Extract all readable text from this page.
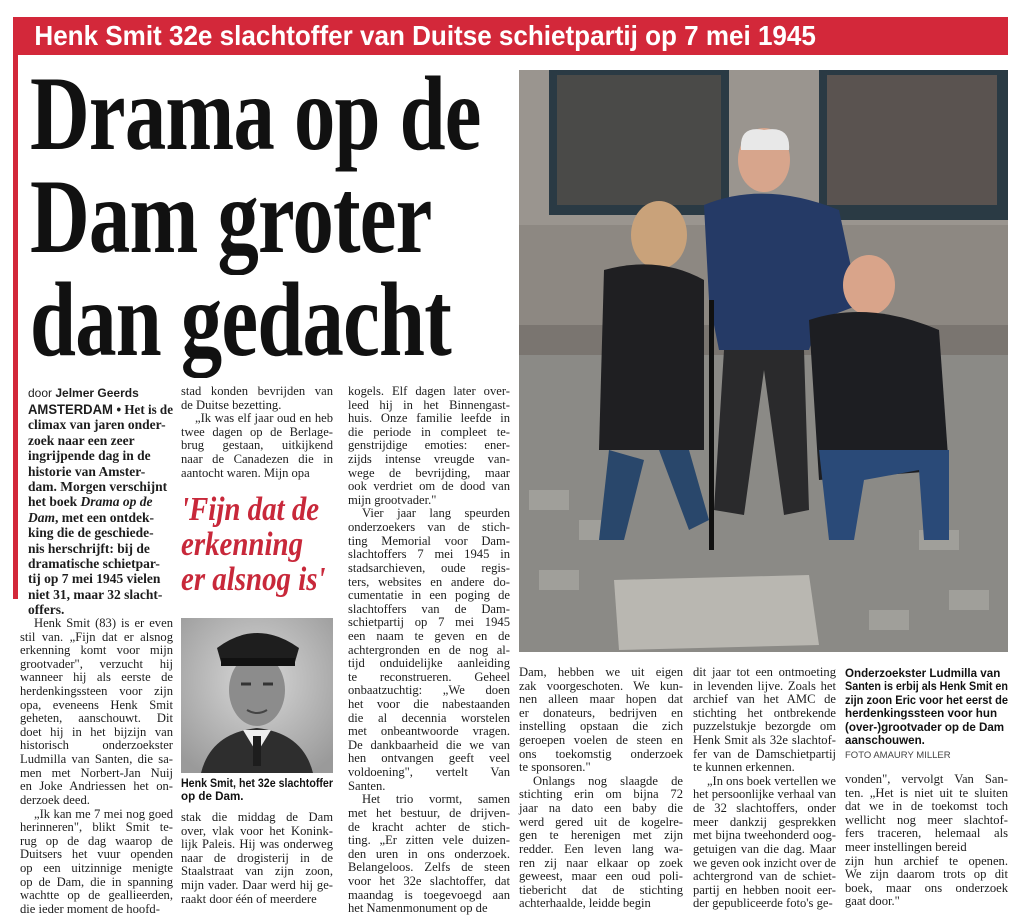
Henk Smit 32e slachtoffer van Duitse schietpartij op 7 mei 1945
Drama op de
Dam groter
dan gedacht
door Jelmer Geerds
AMSTERDAM • Het is de
climax van jaren onder-
zoek naar een zeer
ingrijpende dag in de
historie van Amster-
dam. Morgen verschijnt
het boek Drama op de
Dam, met een ontdek-
king die de geschiede-
nis herschrijft: bij de
dramatische schietpar-
tij op 7 mei 1945 vielen
niet 31, maar 32 slacht-
offers.
Henk Smit (83) is er even
stil van. „Fijn dat er alsnog
erkenning komt voor mijn
grootvader", verzucht hij
wanneer hij als eerste de
herdenkingssteen voor zijn
opa, eveneens Henk Smit
geheten, aanschouwt. Dit
doet hij in het bijzijn van
historisch onderzoekster
Ludmilla van Santen, die sa-
men met Norbert-Jan Nuij
en Joke Andriessen het on-
derzoek deed.
„Ik kan me 7 mei nog goed
herinneren", blikt Smit te-
rug op de dag waarop de
Duitsers het vuur openden
op een uitzinnige menigte
op de Dam, die in spanning
wachtte op de geallieerden,
die ieder moment de hoofd-
stad konden bevrijden van
de Duitse bezetting.
„Ik was elf jaar oud en heb
twee dagen op de Berlage-
brug gestaan, uitkijkend
naar de Canadezen die in
aantocht waren. Mijn opa
'Fijn dat de
erkenning
er alsnog is'
Henk Smit, het 32e slachtoffer
op de Dam.
stak die middag de Dam
over, vlak voor het Konink-
lijk Paleis. Hij was onderweg
naar de drogisterij in de
Staalstraat van zijn zoon,
mijn vader. Daar werd hij ge-
raakt door één of meerdere
kogels. Elf dagen later over-
leed hij in het Binnengast-
huis. Onze familie leefde in
die periode in compleet te-
genstrijdige emoties: ener-
zijds intense vreugde van-
wege de bevrijding, maar
ook verdriet om de dood van
mijn grootvader."
Vier jaar lang speurden
onderzoekers van de stich-
ting Memorial voor Dam-
slachtoffers 7 mei 1945 in
stadsarchieven, oude regis-
ters, websites en andere do-
cumentatie in een poging de
slachtoffers van de Dam-
schietpartij op 7 mei 1945
een naam te geven en de
achtergronden en de nog al-
tijd onduidelijke aanleiding
te reconstrueren. Geheel
onbaatzuchtig: „We doen
het voor die nabestaanden
die al decennia worstelen
met onbeantwoorde vragen.
De dankbaarheid die we van
hen ontvangen geeft veel
voldoening", vertelt Van
Santen.
Het trio vormt, samen
met het bestuur, de drijven-
de kracht achter de stich-
ting. „Er zitten vele duizen-
den uren in ons onderzoek.
Belangeloos. Zelfs de steen
voor het 32e slachtoffer, dat
maandag is toegevoegd aan
het Namenmonument op de
Onderzoekster Ludmilla van
Santen is erbij als Henk Smit en
zijn zoon Eric voor het eerst de
herdenkingssteen voor hun
(over-)grootvader op de Dam
aanschouwen.
FOTO AMAURY MILLER
Dam, hebben we uit eigen
zak voorgeschoten. We kun-
nen alleen maar hopen dat
er donateurs, bedrijven en
instelling opstaan die zich
geroepen voelen de steen en
ons toekomstig onderzoek
te sponsoren."
Onlangs nog slaagde de
stichting erin om bijna 72
jaar na dato een baby die
werd gered uit de kogelre-
gen te herenigen met zijn
redder. Een leven lang wa-
ren zij naar elkaar op zoek
geweest, maar een oud poli-
tiebericht dat de stichting
achterhaalde, leidde begin
dit jaar tot een ontmoeting
in levenden lijve. Zoals het
archief van het AMC de
stichting het ontbrekende
puzzelstukje bezorgde om
Henk Smit als 32e slachtof-
fer van de Damschietpartij
te kunnen erkennen.
„In ons boek vertellen we
het persoonlijke verhaal van
de 32 slachtoffers, onder
meer dankzij gesprekken
met bijna tweehonderd oog-
getuigen van die dag. Maar
we geven ook inzicht over de
achtergrond van de schiet-
partij en hebben nooit eer-
der gepubliceerde foto's ge-
vonden", vervolgt Van San-
ten. „Het is niet uit te sluiten
dat we in de toekomst toch
wellicht nog meer slachtof-
fers traceren, helemaal als
meer instellingen bereid
zijn hun archief te openen.
We zijn daarom trots op dit
boek, maar ons onderzoek
gaat door."
